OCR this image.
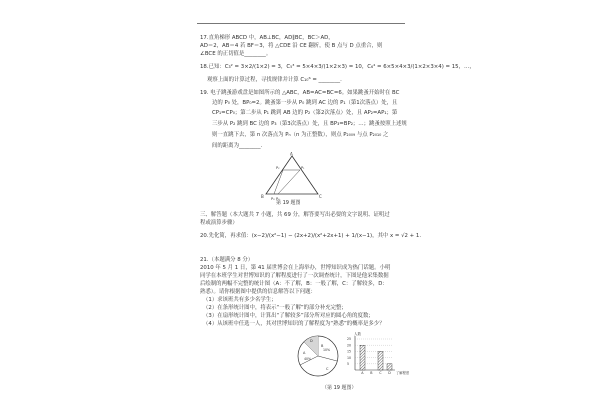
17.直角梯形 ABCD 中，AB⊥BC，AD∥BC，BC＞AD，
AD＝2，AB＝4 若 BF＝3，将 △CDE 沿 CE 翻折，使 B 点与 D 点重合，则
∠BCE 的正切值是________。
18.已知：C₃² = 3×2/(1×2) = 3，C₅³ = 5×4×3/(1×2×3) = 10，C₆⁴ = 6×5×4×3/(1×2×3×4) = 15，…，
观察上面的计算过程，寻找规律并计算 C₁₀⁶ = ________.
19. 电子跳蚤游戏盘是如图所示的 △ABC，AB=AC=BC=6。如果跳蚤开始时在 BC
边的 P₀ 处，BP₀=2。跳蚤第一步从 P₀ 跳到 AC 边的 P₁（第1次落点）处，且
CP₁=CP₀；第二步从 P₁ 跳到 AB 边的 P₂（第2次落点）处，且 AP₂=AP₁；第
三步从 P₂ 跳到 BC 边的 P₃（第3次落点）处，且 BP₃=BP₂；…；跳蚤按照上述规
则一直跳下去，第 n 次落点为 Pₙ（n 为正整数），则点 P₂₀₀₉ 与点 P₂₀₁₀ 之
间的距离为________.
A
B	C
P₀
P₁
P₂
P₃
第 19 题图
三、解答题（本大题共 7 小题，共 69 分，解答要写出必要的文字说明、证明过
程或演算步骤）
20.先化简，再求值：(x−2)/(x²−1) − (2x+2)/(x²+2x+1) + 1/(x−1)，其中 x = √2 + 1.
21.（本题满分 8 分）
2010 年 5 月 1 日，第 41 届世博会在上海举办，世博知识成为热门话题。小明
同学在本班学生对世博知识的了解程度进行了一次调查统计，下图是他采集数据
后绘制的两幅不完整的统计图（A：不了解，B：一般了解，C：了解较多，D：
熟悉）。请你根据图中提供的信息解答以下问题：
（1）求该班共有多少名学生；
（2）在条形统计图中，将表示“一般了解”的部分补充完整；
（3）在扇形统计图中，计算出“了解较多”部分所对应的圆心角的度数；
（4）从该班中任选一人，其对世博知识的了解程度为“熟悉”的概率是多少？
D
A
B
C
10%
40%
人数
了解程度
25
20
15
10
5
A B C D
（第 19 题图）
